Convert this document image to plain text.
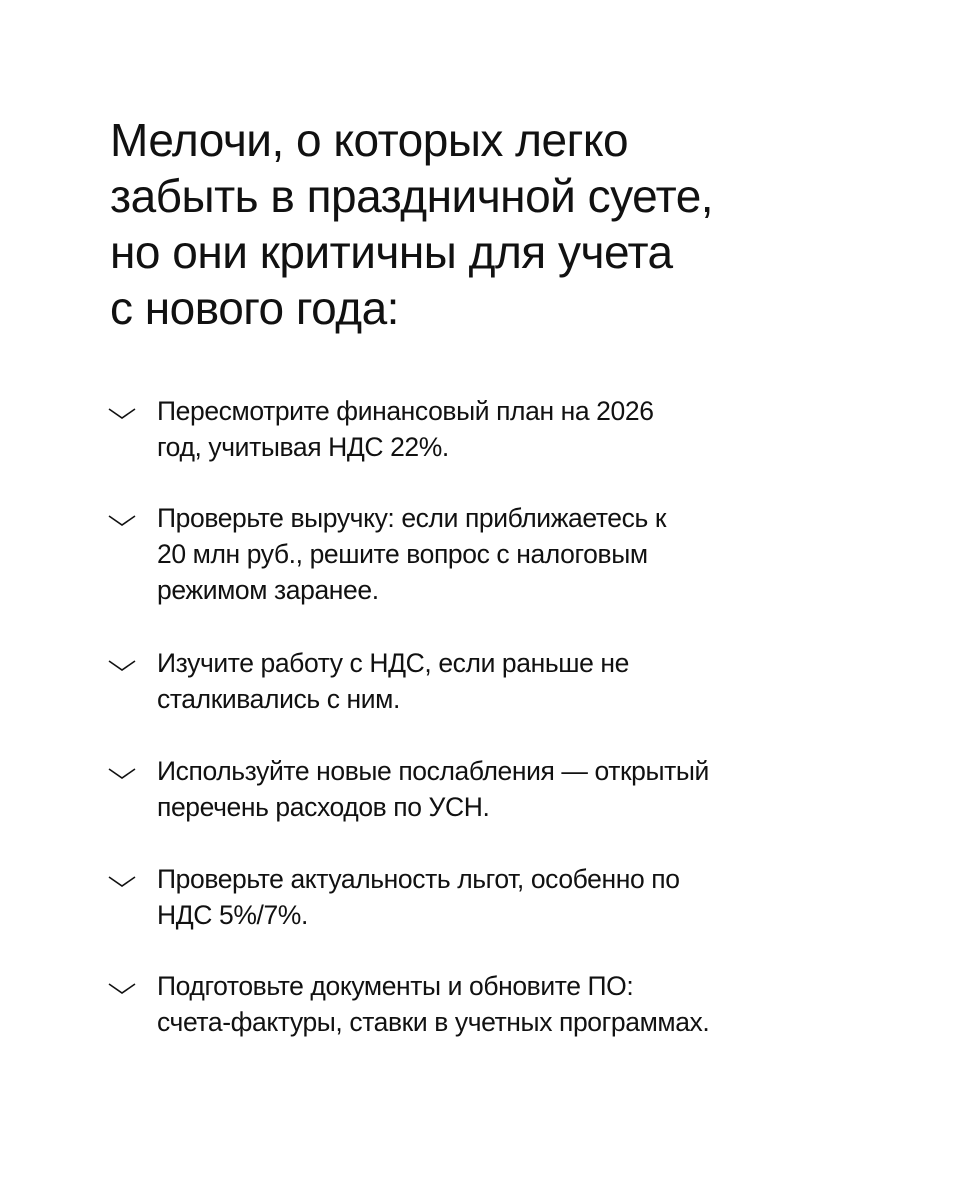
Мелочи, о которых легко
забыть в праздничной суете,
но они критичны для учета
с нового года:
Пересмотрите финансовый план на 2026
год, учитывая НДС 22%.
Проверьте выручку: если приближаетесь к
20 млн руб., решите вопрос с налоговым
режимом заранее.
Изучите работу с НДС, если раньше не
сталкивались с ним.
Используйте новые послабления — открытый
перечень расходов по УСН.
Проверьте актуальность льгот, особенно по
НДС 5%/7%.
Подготовьте документы и обновите ПО:
счета-фактуры, ставки в учетных программах.
